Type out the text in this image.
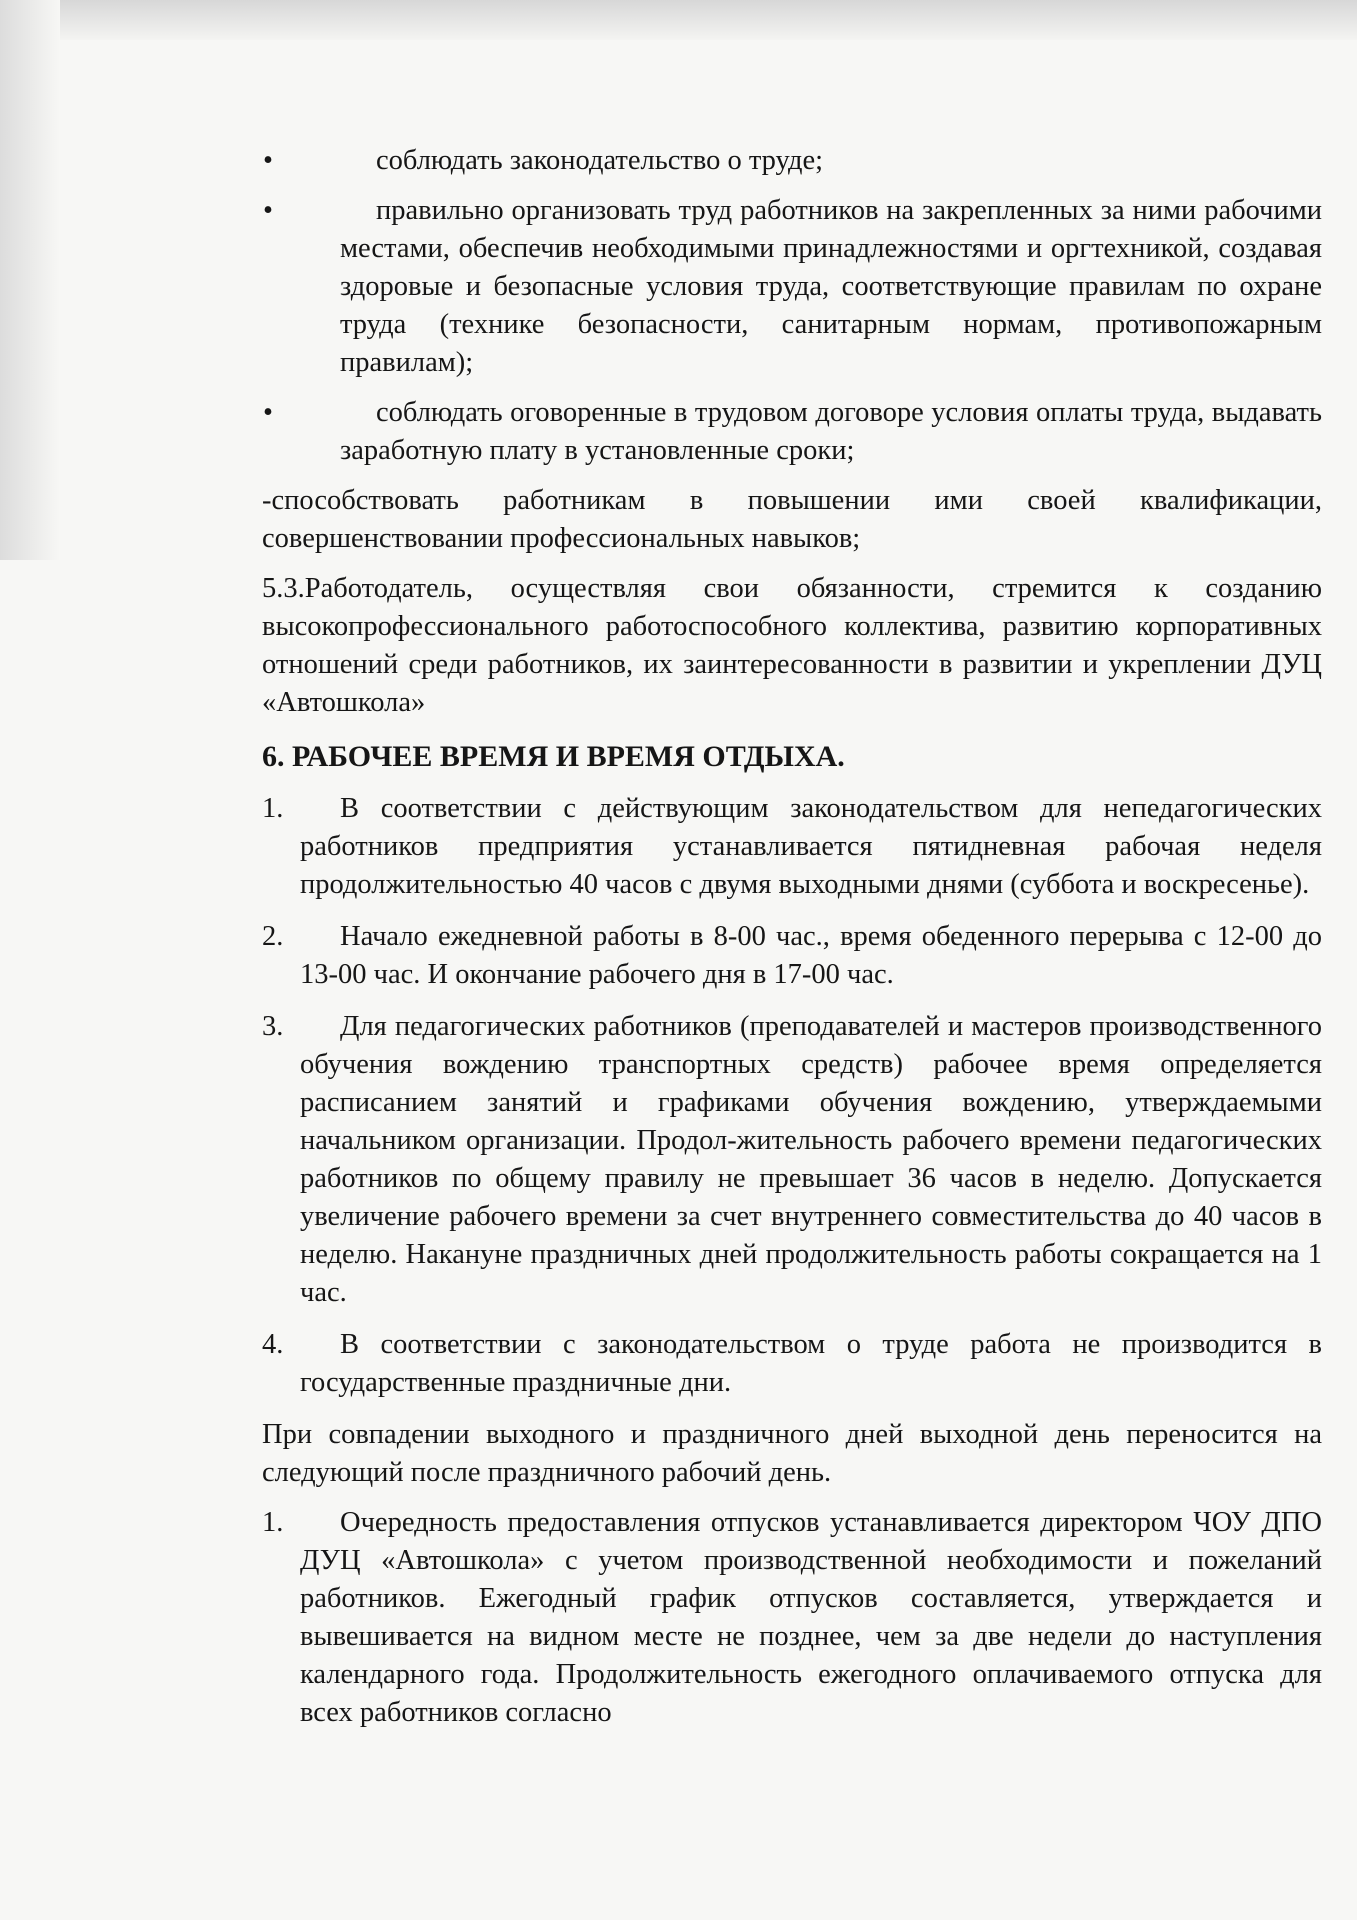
•	соблюдать законодательство о труде;
•	правильно организовать труд работников на закрепленных за ними рабочими местами, обеспечив необходимыми принадлежностями и оргтехникой, создавая здоровые и безопасные условия труда, соответствующие правилам по охране труда (технике безопасности, санитарным нормам, противопожарным правилам);
•	соблюдать оговоренные в трудовом договоре условия оплаты труда, выдавать заработную плату в установленные сроки;

-способствовать работникам в повышении ими своей квалификации, совершенствовании профессиональных навыков;

5.3.Работодатель, осуществляя свои обязанности, стремится к созданию высокопрофессионального работоспособного коллектива, развитию корпоративных отношений среди работников, их заинтересованности в развитии и укреплении ДУЦ «Автошкола»

6. РАБОЧЕЕ ВРЕМЯ И ВРЕМЯ ОТДЫХА.

1.	В соответствии с действующим законодательством для непедагогических работников предприятия устанавливается пятидневная рабочая неделя продолжительностью 40 часов с двумя выходными днями (суббота и воскресенье).
2.	Начало ежедневной работы в 8-00 час., время обеденного перерыва с 12-00 до 13-00 час. И окончание рабочего дня в 17-00 час.
3.	Для педагогических работников (преподавателей и мастеров производственного обучения вождению транспортных средств) рабочее время определяется расписанием занятий и графиками обучения вождению, утверждаемыми начальником организации. Продол-жительность рабочего времени педагогических работников по общему правилу не превышает 36 часов в неделю. Допускается увеличение рабочего времени за счет внутреннего совместительства до 40 часов в неделю. Накануне праздничных дней продолжительность работы сокращается на 1 час.
4.	В соответствии с законодательством о труде работа не производится в государственные праздничные дни.

При совпадении выходного и праздничного дней выходной день переносится на следующий после праздничного рабочий день.

1.	Очередность предоставления отпусков устанавливается директором ЧОУ ДПО ДУЦ «Автошкола» с учетом производственной необходимости и пожеланий работников. Ежегодный график отпусков составляется, утверждается и вывешивается на видном месте не позднее, чем за две недели до наступления календарного года. Продолжительность ежегодного оплачиваемого отпуска для всех работников согласно
